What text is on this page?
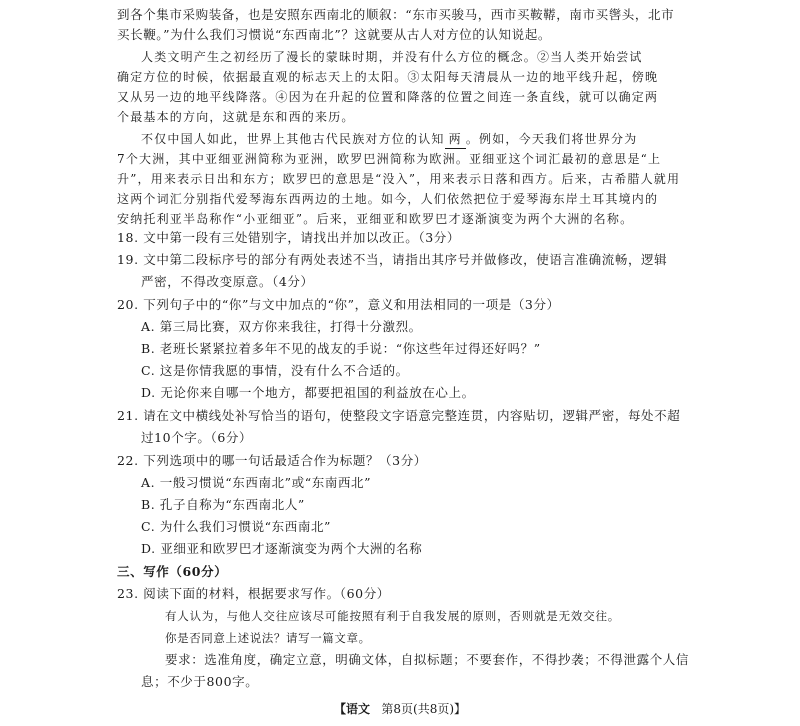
到各个集市采购装备，也是安照东西南北的顺叙：“东市买骏马，西市买鞍鞯，南市买辔头，北市
买长鞭。”为什么我们习惯说“东西南北”？这就要从古人对方位的认知说起。
人类文明产生之初经历了漫长的蒙昧时期，并没有什么方位的概念。②当人类开始尝试
确定方位的时候，依据最直观的标志天上的太阳。③太阳每天清晨从一边的地平线升起，傍晚
又从另一边的地平线降落。④因为在升起的位置和降落的位置之间连一条直线，就可以确定两
个最基本的方向，这就是东和西的来历。
不仅中国人如此，世界上其他古代民族对方位的认知 两 。例如，今天我们将世界分为
7个大洲，其中亚细亚洲简称为亚洲，欧罗巴洲简称为欧洲。亚细亚这个词汇最初的意思是“上
升”，用来表示日出和东方；欧罗巴的意思是“没入”，用来表示日落和西方。后来，古希腊人就用
这两个词汇分别指代爱琴海东西两边的土地。如今，人们依然把位于爱琴海东岸土耳其境内的
安纳托利亚半岛称作“小亚细亚”。后来，亚细亚和欧罗巴才逐渐演变为两个大洲的名称。
18. 文中第一段有三处错别字，请找出并加以改正。（3分）
19. 文中第二段标序号的部分有两处表述不当，请指出其序号并做修改，使语言准确流畅，逻辑
严密，不得改变原意。（4分）
20. 下列句子中的“你”与文中加点的“你”，意义和用法相同的一项是（3分）
A. 第三局比赛，双方你来我往，打得十分激烈。
B. 老班长紧紧拉着多年不见的战友的手说：“你这些年过得还好吗？”
C. 这是你情我愿的事情，没有什么不合适的。
D. 无论你来自哪一个地方，都要把祖国的利益放在心上。
21. 请在文中横线处补写恰当的语句，使整段文字语意完整连贯，内容贴切，逻辑严密，每处不超
过10个字。（6分）
22. 下列选项中的哪一句话最适合作为标题？（3分）
A. 一般习惯说“东西南北”或“东南西北”
B. 孔子自称为“东西南北人”
C. 为什么我们习惯说“东西南北”
D. 亚细亚和欧罗巴才逐渐演变为两个大洲的名称
三、写作（60分）
23. 阅读下面的材料，根据要求写作。（60分）
有人认为，与他人交往应该尽可能按照有利于自我发展的原则，否则就是无效交往。
你是否同意上述说法？请写一篇文章。
【语文 第8页(共8页)】
要求：选准角度，确定立意，明确文体，自拟标题；不要套作，不得抄袭；不得泄露个人信
息；不少于800字。
